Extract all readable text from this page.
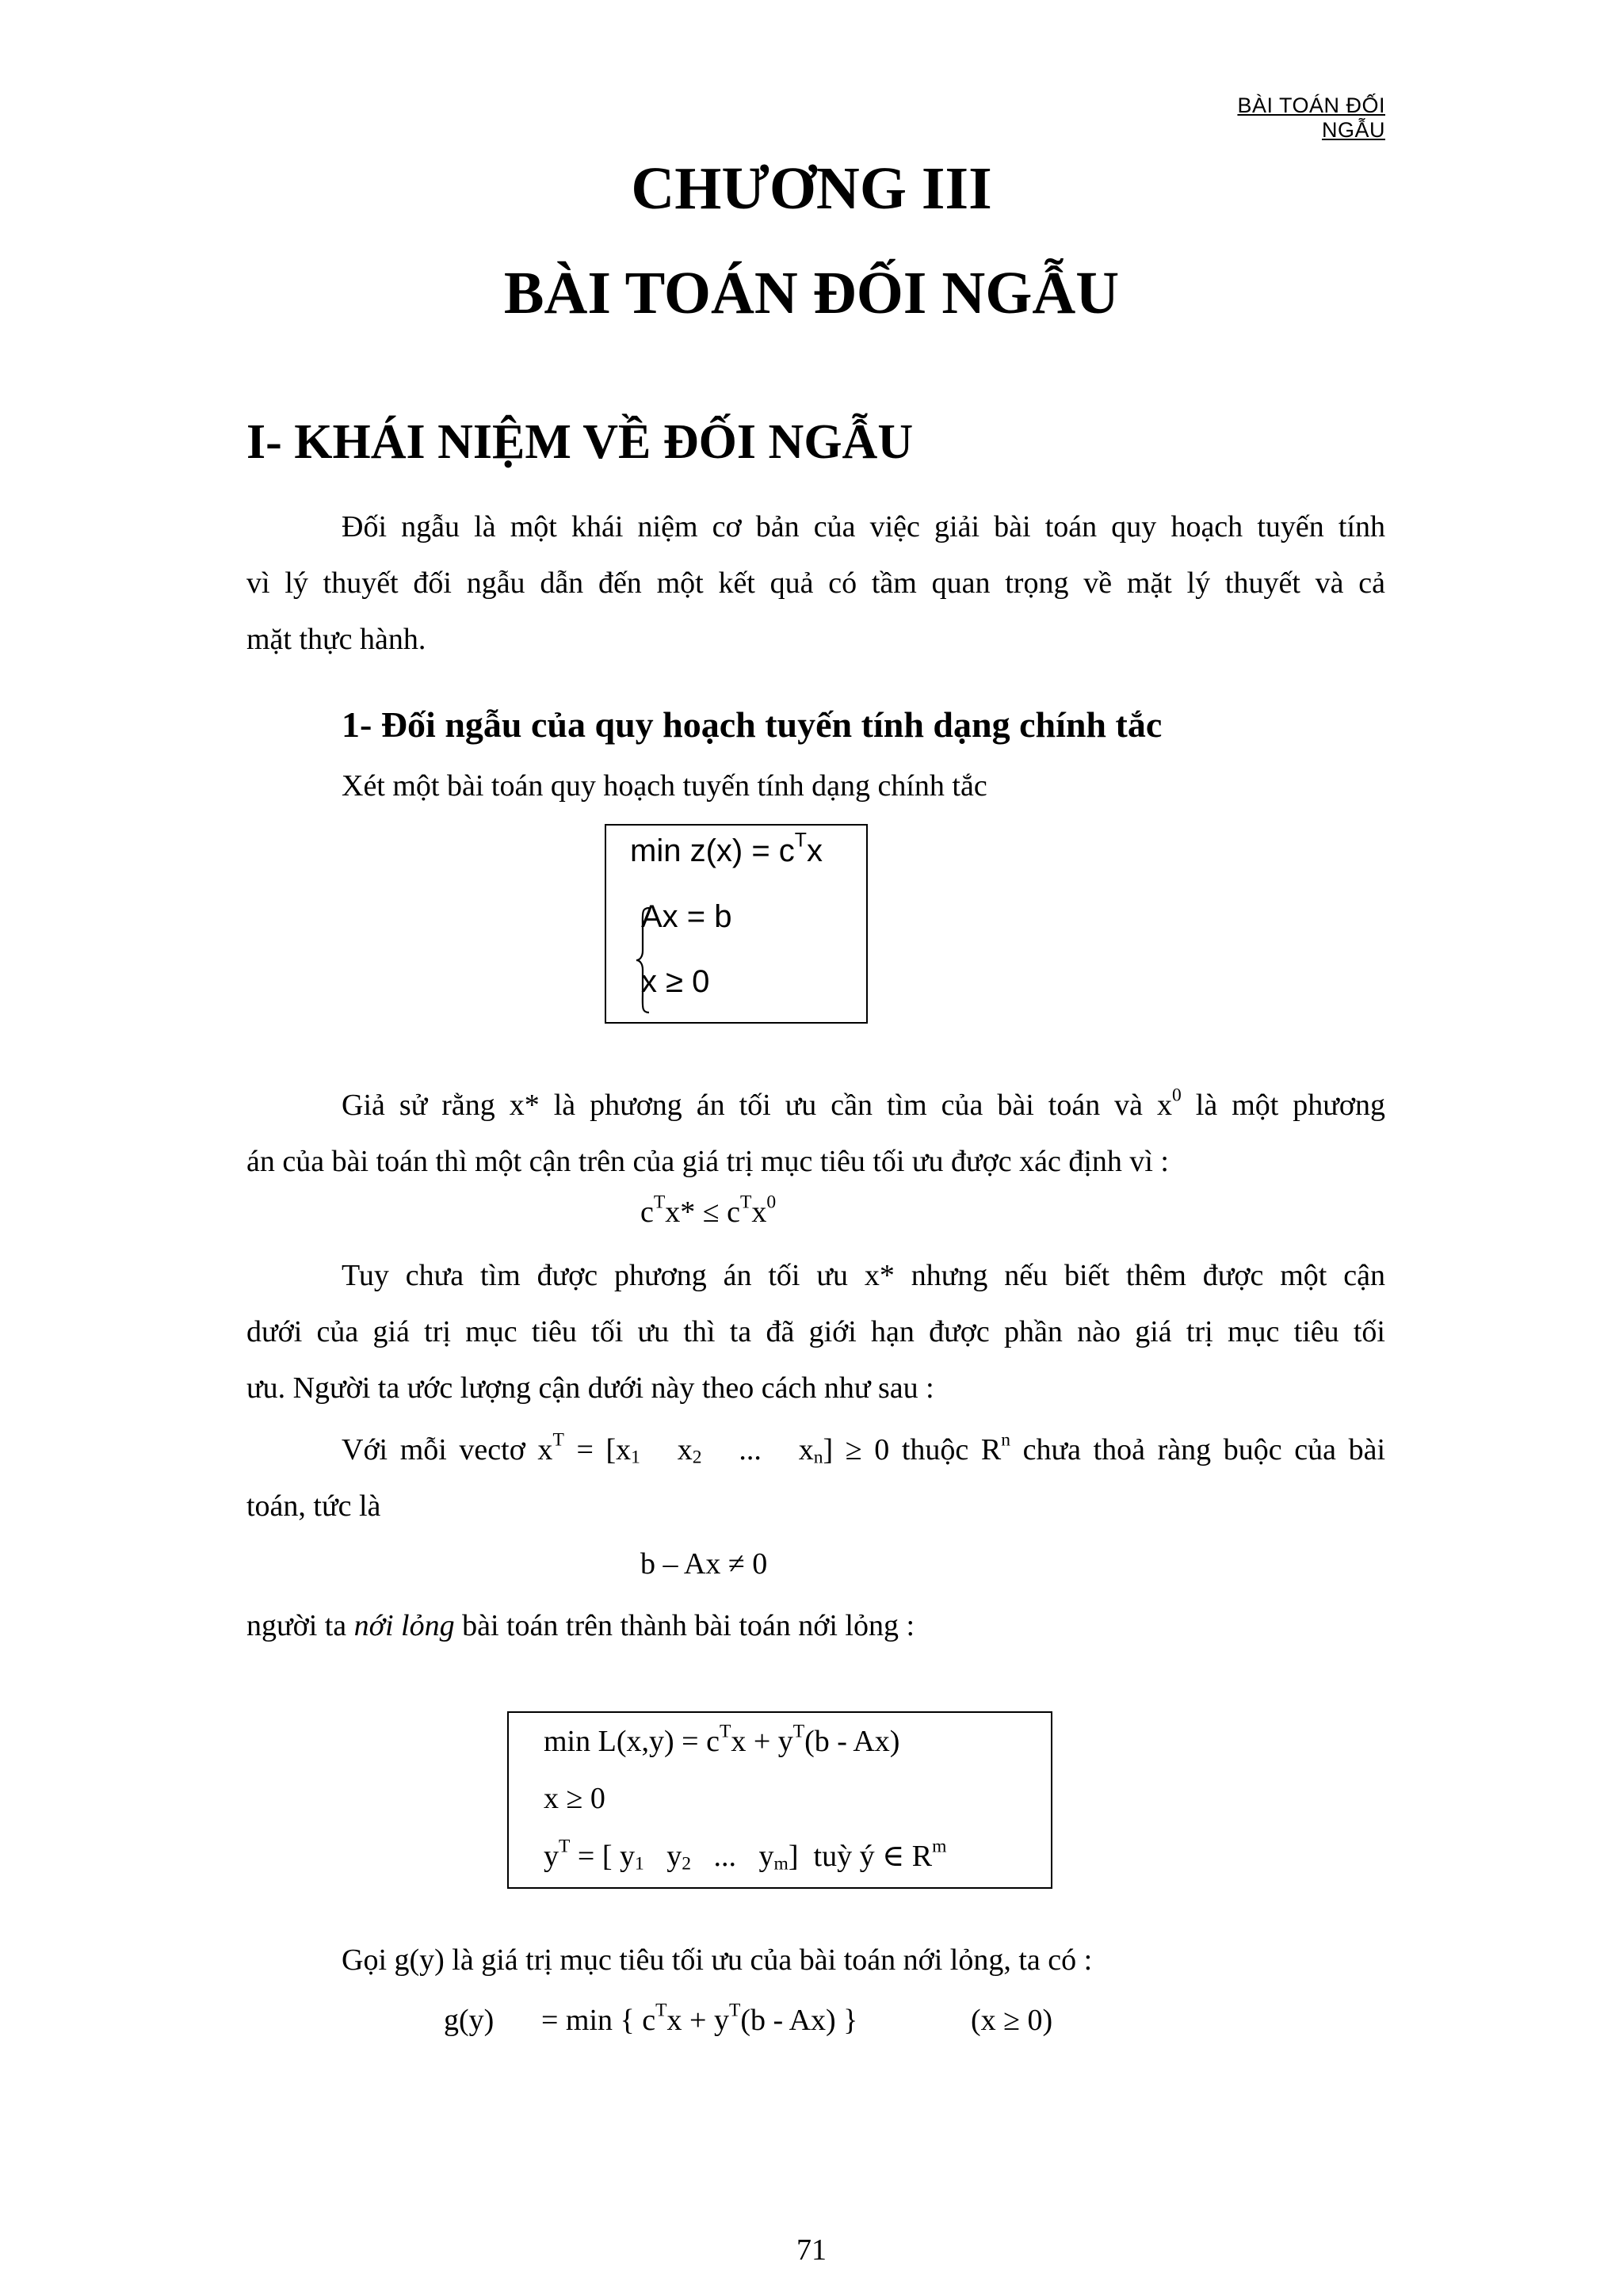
BÀI TOÁN ĐỐI NGẪU
CHƯƠNG III
BÀI TOÁN ĐỐI NGẪU
I- KHÁI NIỆM VỀ ĐỐI NGẪU
Đối ngẫu là một khái niệm cơ bản của việc giải bài toán quy hoạch tuyến tính
vì lý thuyết đối ngẫu dẫn đến một kết quả có tầm quan trọng về mặt lý thuyết và cả
mặt thực hành.
1- Đối ngẫu của quy hoạch tuyến tính dạng chính tắc
Xét một bài toán quy hoạch tuyến tính dạng chính tắc
$\min z(x) = c^Tx$
Ax = b
x ≥ 0
Giả sử rằng x* là phương án tối ưu cần tìm của bài toán và $x^0$ là một phương
án của bài toán thì một cận trên của giá trị mục tiêu tối ưu được xác định vì :
$c^Tx* \le c^Tx^0$
Tuy chưa tìm được phương án tối ưu x* nhưng nếu biết thêm được một cận
dưới của giá trị mục tiêu tối ưu thì ta đã giới hạn được phần nào giá trị mục tiêu tối
ưu. Người ta ước lượng cận dưới này theo cách như sau :
Với mỗi vectơ $x^T = [x_1$   $x_2$   ...   $x_n] \ge 0$ thuộc $R^n$ chưa thoả ràng buộc của bài
toán, tức là
b – Ax ≠ 0
người ta nới lỏng bài toán trên thành bài toán nới lỏng :
$\min L(x,y) = c^Tx + y^T(b - Ax)$
x ≥ 0
$y^T$ = [ $y_1$   $y_2$   ...   $y_m$]  tuỳ ý ∈ $R^m$
Gọi g(y) là giá trị mục tiêu tối ưu của bài toán nới lỏng, ta có :
g(y) = min { $c^Tx + y^T(b - Ax)$ }	(x ≥ 0)
71
